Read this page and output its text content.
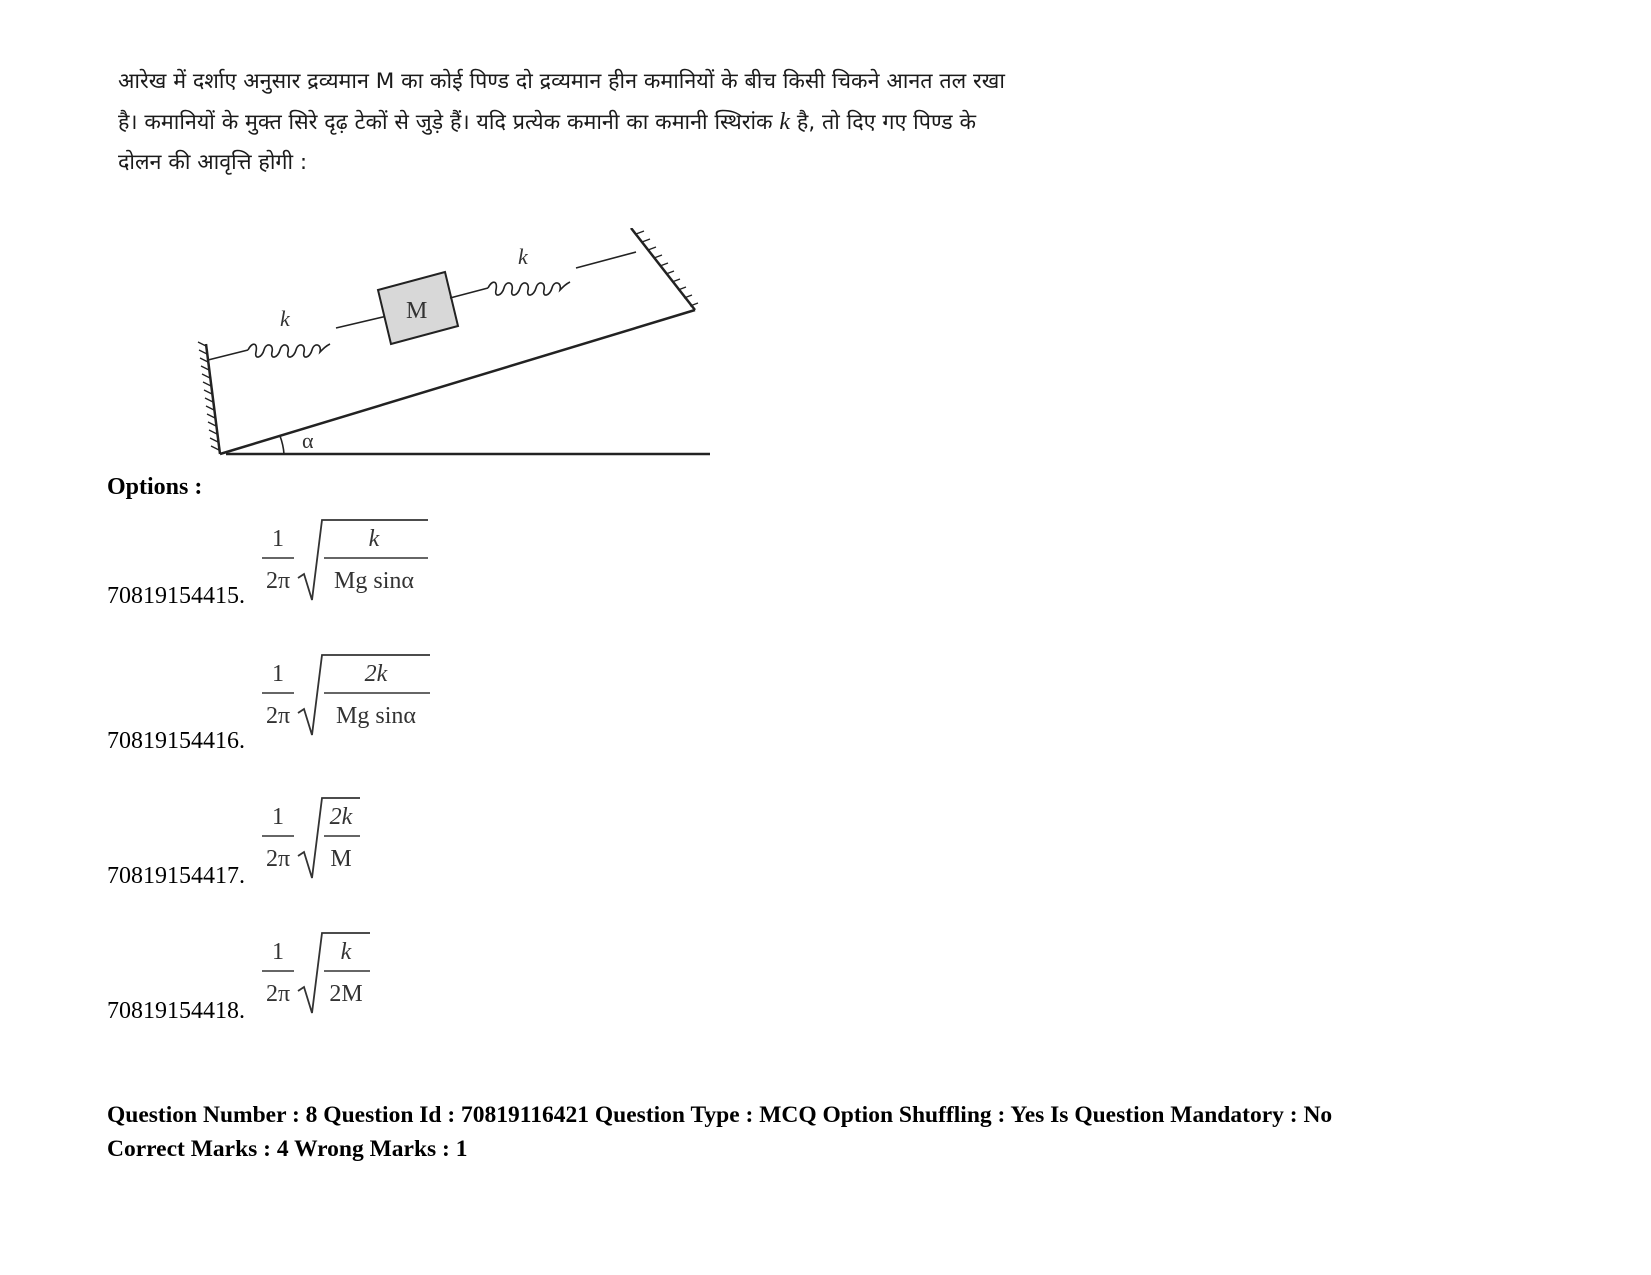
आरेख में दर्शाए अनुसार द्रव्यमान M का कोई पिण्ड दो द्रव्यमान हीन कमानियों के बीच किसी चिकने आनत तल रखा
है। कमानियों के मुक्त सिरे दृढ़ टेकों से जुड़े हैं। यदि प्रत्येक कमानी का कमानी स्थिरांक k है, तो दिए गए पिण्ड के
दोलन की आवृत्ति होगी :
k	M
k
α
Options :
70819154415.
1
2π
k
Mg sinα
70819154416.
1
2π
2k
Mg sinα
70819154417.
1
2π
2k
M
70819154418.
1
2π
k
2M
Question Number : 8 Question Id : 70819116421 Question Type : MCQ Option Shuffling : Yes Is Question Mandatory : No
Correct Marks : 4 Wrong Marks : 1
